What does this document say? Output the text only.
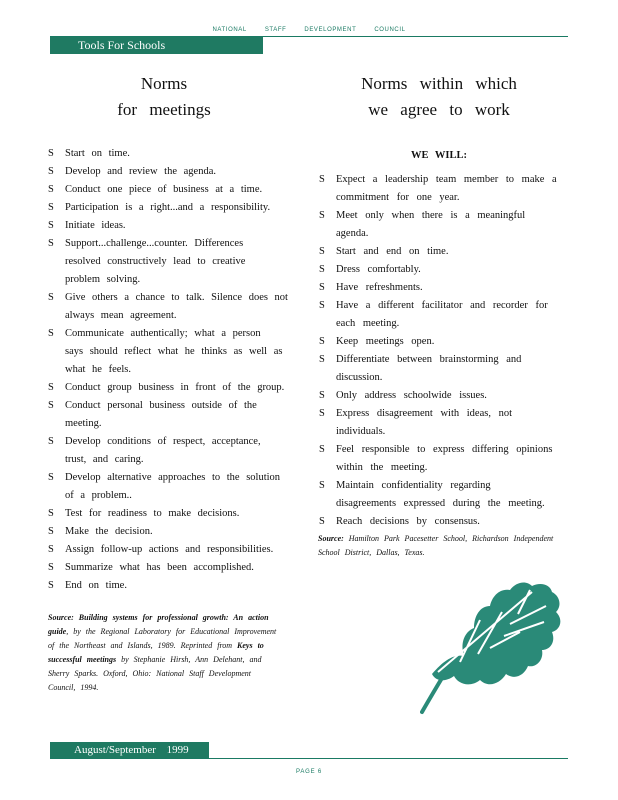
NATIONAL	STAFF	DEVELOPMENT	COUNCIL
Tools For Schools
Norms
for meetings
Norms within which
we agree to work
S Start on time.
S Develop and review the agenda.
S Conduct one piece of business at a time.
S Participation is a right...and a responsibility.
S Initiate ideas.
S Support...challenge...counter. Differences
resolved constructively lead to creative
problem solving.
S Give others a chance to talk. Silence does not
always mean agreement.
S Communicate authentically; what a person
says should reflect what he thinks as well as
what he feels.
S Conduct group business in front of the group.
S Conduct personal business outside of the
meeting.
S Develop conditions of respect, acceptance,
trust, and caring.
S Develop alternative approaches to the solution
of a problem..
S Test for readiness to make decisions.
S Make the decision.
S Assign follow-up actions and responsibilities.
S Summarize what has been accomplished.
S End on time.
WE WILL:
S Expect a leadership team member to make a
commitment for one year.
S Meet only when there is a meaningful agenda.
S Start and end on time.
S Dress comfortably.
S Have refreshments.
S Have a different facilitator and recorder for
each meeting.
S Keep meetings open.
S Differentiate between brainstorming and
discussion.
S Only address schoolwide issues.
S Express disagreement with ideas, not
individuals.
S Feel responsible to express differing opinions
within the meeting.
S Maintain confidentiality regarding
disagreements expressed during the meeting.
S Reach decisions by consensus.
Source: Building systems for professional growth: An action guide, by the Regional Laboratory for Educational Improvement of the Northeast and Islands, 1989. Reprinted from Keys to successful meetings by Stephanie Hirsh, Ann Delehant, and Sherry Sparks. Oxford, Ohio: National Staff Development Council, 1994.
Source: Hamilton Park Pacesetter School, Richardson Independent School District, Dallas, Texas.
August/September 1999
PAGE 6
